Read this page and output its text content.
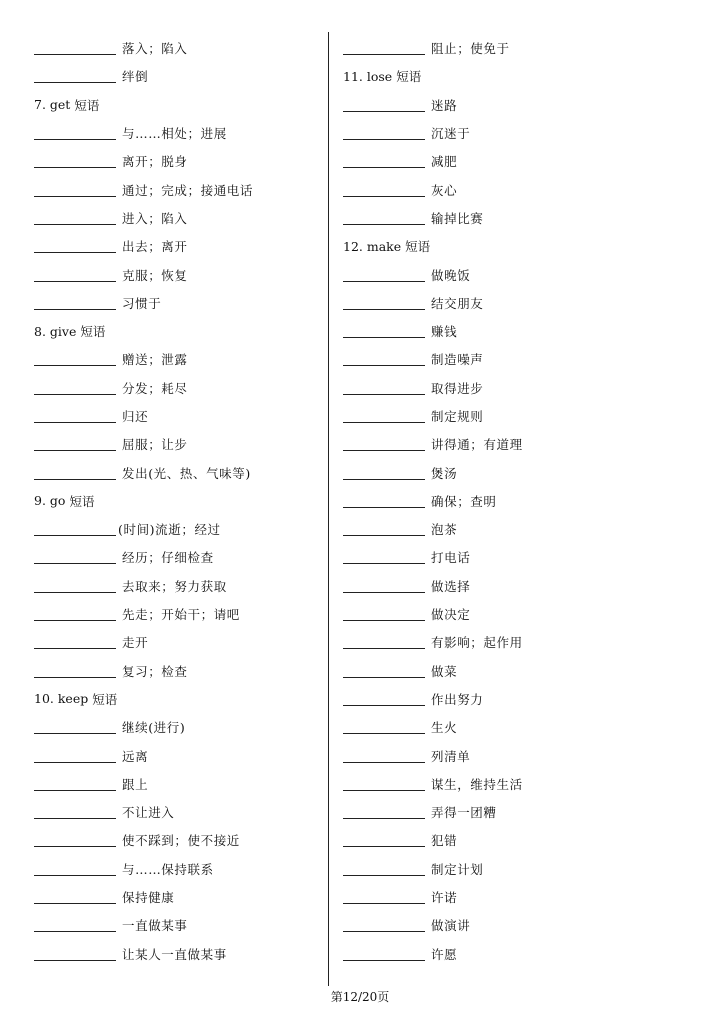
落入；陷入
绊倒
7. get 短语
与……相处；进展
离开；脱身
通过；完成；接通电话
进入；陷入
出去；离开
克服；恢复
习惯于
8. give 短语
赠送；泄露
分发；耗尽
归还
屈服；让步
发出(光、热、气味等)
9. go 短语
(时间)流逝；经过
经历；仔细检查
去取来；努力获取
先走；开始干；请吧
走开
复习；检查
10. keep 短语
继续(进行)
远离
跟上
不让进入
使不踩到；使不接近
与……保持联系
保持健康
一直做某事
让某人一直做某事
阻止；使免于
11. lose 短语
迷路
沉迷于
减肥
灰心
输掉比赛
12. make 短语
做晚饭
结交朋友
赚钱
制造噪声
取得进步
制定规则
讲得通；有道理
煲汤
确保；查明
泡茶
打电话
做选择
做决定
有影响；起作用
做菜
作出努力
生火
列清单
谋生，维持生活
弄得一团糟
犯错
制定计划
许诺
做演讲
许愿
第12/20页
